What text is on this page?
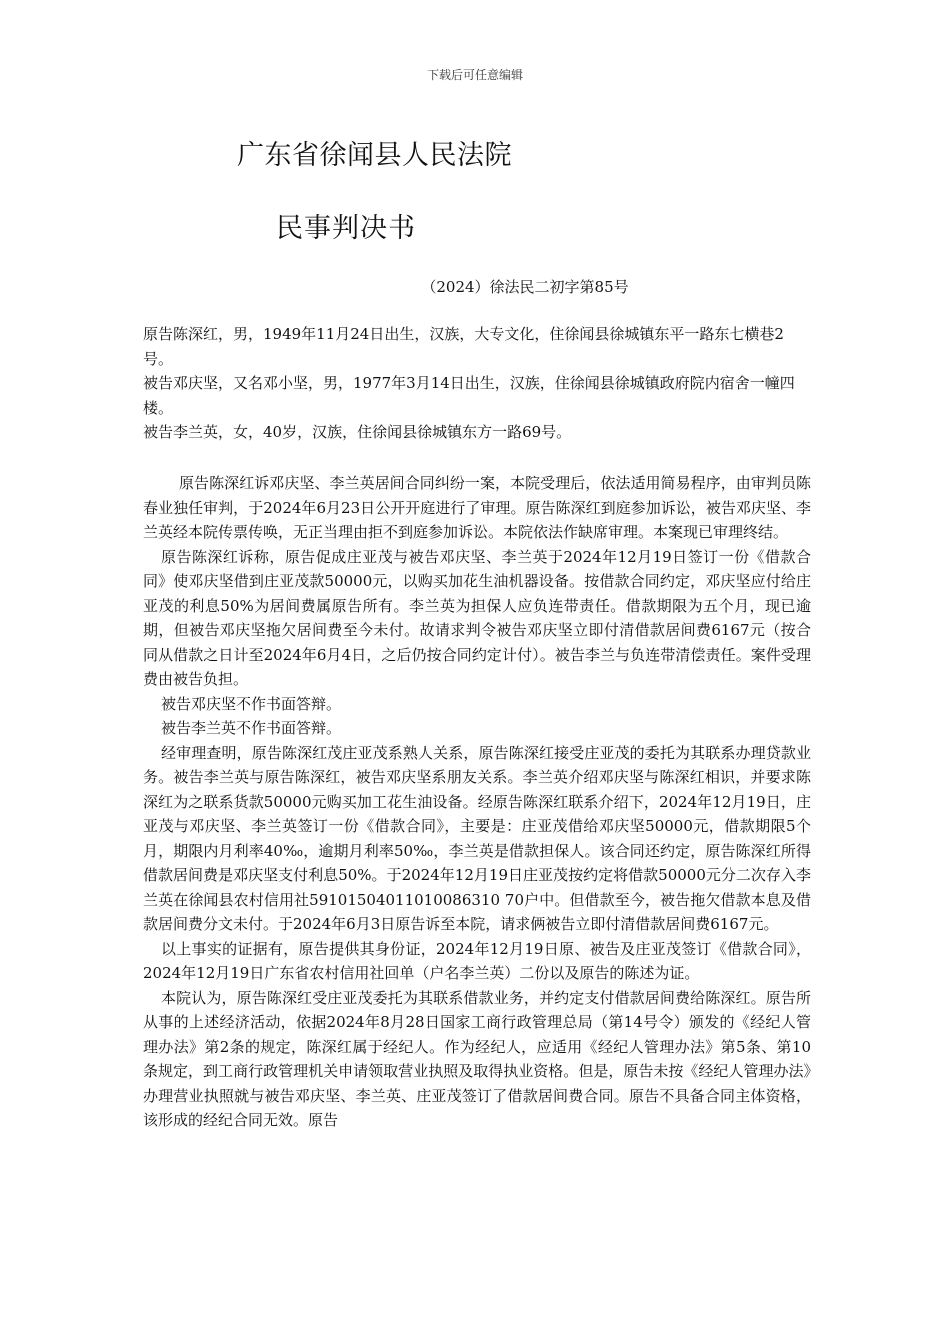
下载后可任意编辑
广东省徐闻县人民法院
民事判决书
（2024）徐法民二初字第85号

原告陈深红，男，1949年11月24日出生，汉族，大专文化，住徐闻县徐城镇东平一路东七横巷2号。

被告邓庆坚，又名邓小坚，男，1977年3月14日出生，汉族，住徐闻县徐城镇政府院内宿舍一幢四楼。

被告李兰英，女，40岁，汉族，住徐闻县徐城镇东方一路69号。

原告陈深红诉邓庆坚、李兰英居间合同纠纷一案，本院受理后，依法适用简易程序，由审判员陈春业独任审判，于2024年6月23日公开开庭进行了审理。原告陈深红到庭参加诉讼，被告邓庆坚、李兰英经本院传票传唤，无正当理由拒不到庭参加诉讼。本院依法作缺席审理。本案现已审理终结。

原告陈深红诉称，原告促成庄亚茂与被告邓庆坚、李兰英于2024年12月19日签订一份《借款合同》使邓庆坚借到庄亚茂款50000元，以购买加花生油机器设备。按借款合同约定，邓庆坚应付给庄亚茂的利息50%为居间费属原告所有。李兰英为担保人应负连带责任。借款期限为五个月，现已逾期，但被告邓庆坚拖欠居间费至今未付。故请求判令被告邓庆坚立即付清借款居间费6167元（按合同从借款之日计至2024年6月4日，之后仍按合同约定计付）。被告李兰与负连带清偿责任。案件受理费由被告负担。

被告邓庆坚不作书面答辩。

被告李兰英不作书面答辩。

经审理查明，原告陈深红茂庄亚茂系熟人关系，原告陈深红接受庄亚茂的委托为其联系办理贷款业务。被告李兰英与原告陈深红，被告邓庆坚系朋友关系。李兰英介绍邓庆坚与陈深红相识，并要求陈深红为之联系货款50000元购买加工花生油设备。经原告陈深红联系介绍下，2024年12月19日，庄亚茂与邓庆坚、李兰英签订一份《借款合同》，主要是：庄亚茂借给邓庆坚50000元，借款期限5个月，期限内月利率40‰，逾期月利率50‰，李兰英是借款担保人。该合同还约定，原告陈深红所得借款居间费是邓庆坚支付利息50%。于2024年12月19日庄亚茂按约定将借款50000元分二次存入李兰英在徐闻县农村信用社59101504011010086310 70户中。但借款至今，被告拖欠借款本息及借款居间费分文未付。于2024年6月3日原告诉至本院，请求俩被告立即付清借款居间费6167元。

以上事实的证据有，原告提供其身份证，2024年12月19日原、被告及庄亚茂签订《借款合同》，2024年12月19日广东省农村信用社回单（户名李兰英）二份以及原告的陈述为证。

本院认为，原告陈深红受庄亚茂委托为其联系借款业务，并约定支付借款居间费给陈深红。原告所从事的上述经济活动，依据2024年8月28日国家工商行政管理总局（第14号令）颁发的《经纪人管理办法》第2条的规定，陈深红属于经纪人。作为经纪人，应适用《经纪人管理办法》第5条、第10条规定，到工商行政管理机关申请领取营业执照及取得执业资格。但是，原告未按《经纪人管理办法》办理营业执照就与被告邓庆坚、李兰英、庄亚茂签订了借款居间费合同。原告不具备合同主体资格，该形成的经纪合同无效。原告
